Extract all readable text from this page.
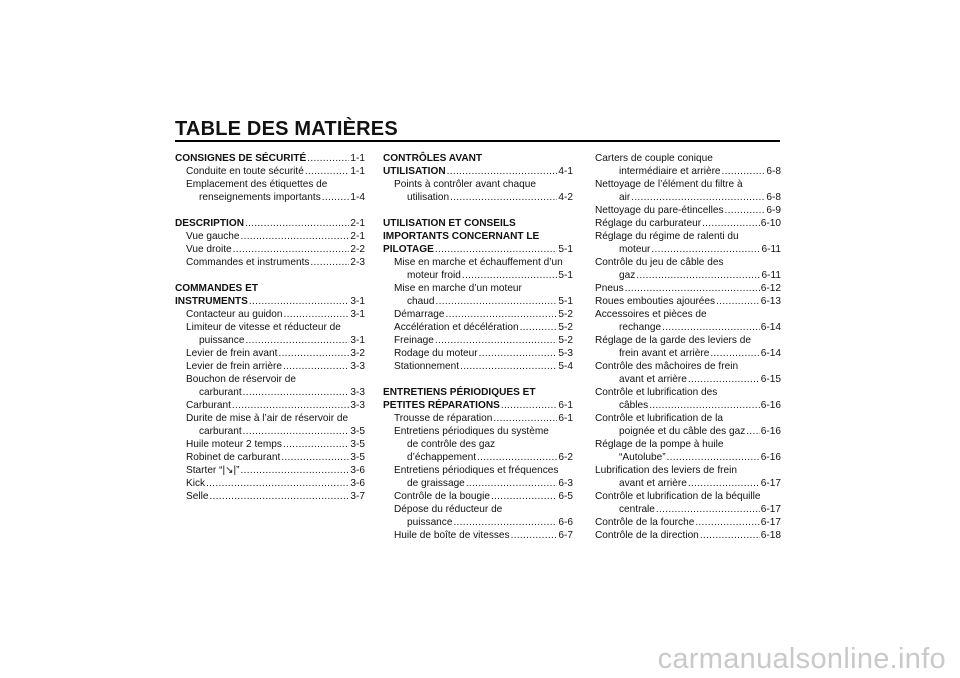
TABLE DES MATIÈRES
CONSIGNES DE SÉCURITÉ .....	1-1
Conduite en toute sécurité .....	1-1
Emplacement des étiquettes de
renseignements importants .....	1-4
DESCRIPTION .....	2-1
Vue gauche .....	2-1
Vue droite .....	2-2
Commandes et instruments .....	2-3
COMMANDES ET
INSTRUMENTS .....	3-1
Contacteur au guidon .....	3-1
Limiteur de vitesse et réducteur de
puissance .....	3-1
Levier de frein avant .....	3-2
Levier de frein arrière .....	3-3
Bouchon de réservoir de
carburant .....	3-3
Carburant .....	3-3
Durite de mise à l’air de réservoir de
carburant .....	3-5
Huile moteur 2 temps .....	3-5
Robinet de carburant .....	3-5
Starter “|↘|” .....	3-6
Kick .....	3-6
Selle .....	3-7
CONTRÔLES AVANT
UTILISATION .....	4-1
Points à contrôler avant chaque
utilisation .....	4-2
UTILISATION ET CONSEILS
IMPORTANTS CONCERNANT LE
PILOTAGE .....	5-1
Mise en marche et échauffement d’un
moteur froid .....	5-1
Mise en marche d’un moteur
chaud .....	5-1
Démarrage .....	5-2
Accélération et décélération .....	5-2
Freinage .....	5-2
Rodage du moteur .....	5-3
Stationnement .....	5-4
ENTRETIENS PÉRIODIQUES ET
PETITES RÉPARATIONS .....	6-1
Trousse de réparation .....	6-1
Entretiens périodiques du système
de contrôle des gaz
d’échappement .....	6-2
Entretiens périodiques et fréquences
de graissage .....	6-3
Contrôle de la bougie .....	6-5
Dépose du réducteur de
puissance .....	6-6
Huile de boîte de vitesses .....	6-7
Carters de couple conique
intermédiaire et arrière .....	6-8
Nettoyage de l’élément du filtre à
air .....	6-8
Nettoyage du pare-étincelles .....	6-9
Réglage du carburateur .....	6-10
Réglage du régime de ralenti du
moteur .....	6-11
Contrôle du jeu de câble des
gaz .....	6-11
Pneus .....	6-12
Roues embouties ajourées .....	6-13
Accessoires et pièces de
rechange .....	6-14
Réglage de la garde des leviers de
frein avant et arrière .....	6-14
Contrôle des mâchoires de frein
avant et arrière .....	6-15
Contrôle et lubrification des
câbles .....	6-16
Contrôle et lubrification de la
poignée et du câble des gaz ..... 6-16
Réglage de la pompe à huile
“Autolube” .....	6-16
Lubrification des leviers de frein
avant et arrière .....	6-17
Contrôle et lubrification de la béquille
centrale .....	6-17
Contrôle de la fourche .....	6-17
Contrôle de la direction .....	6-18
carmanualsonline.info
